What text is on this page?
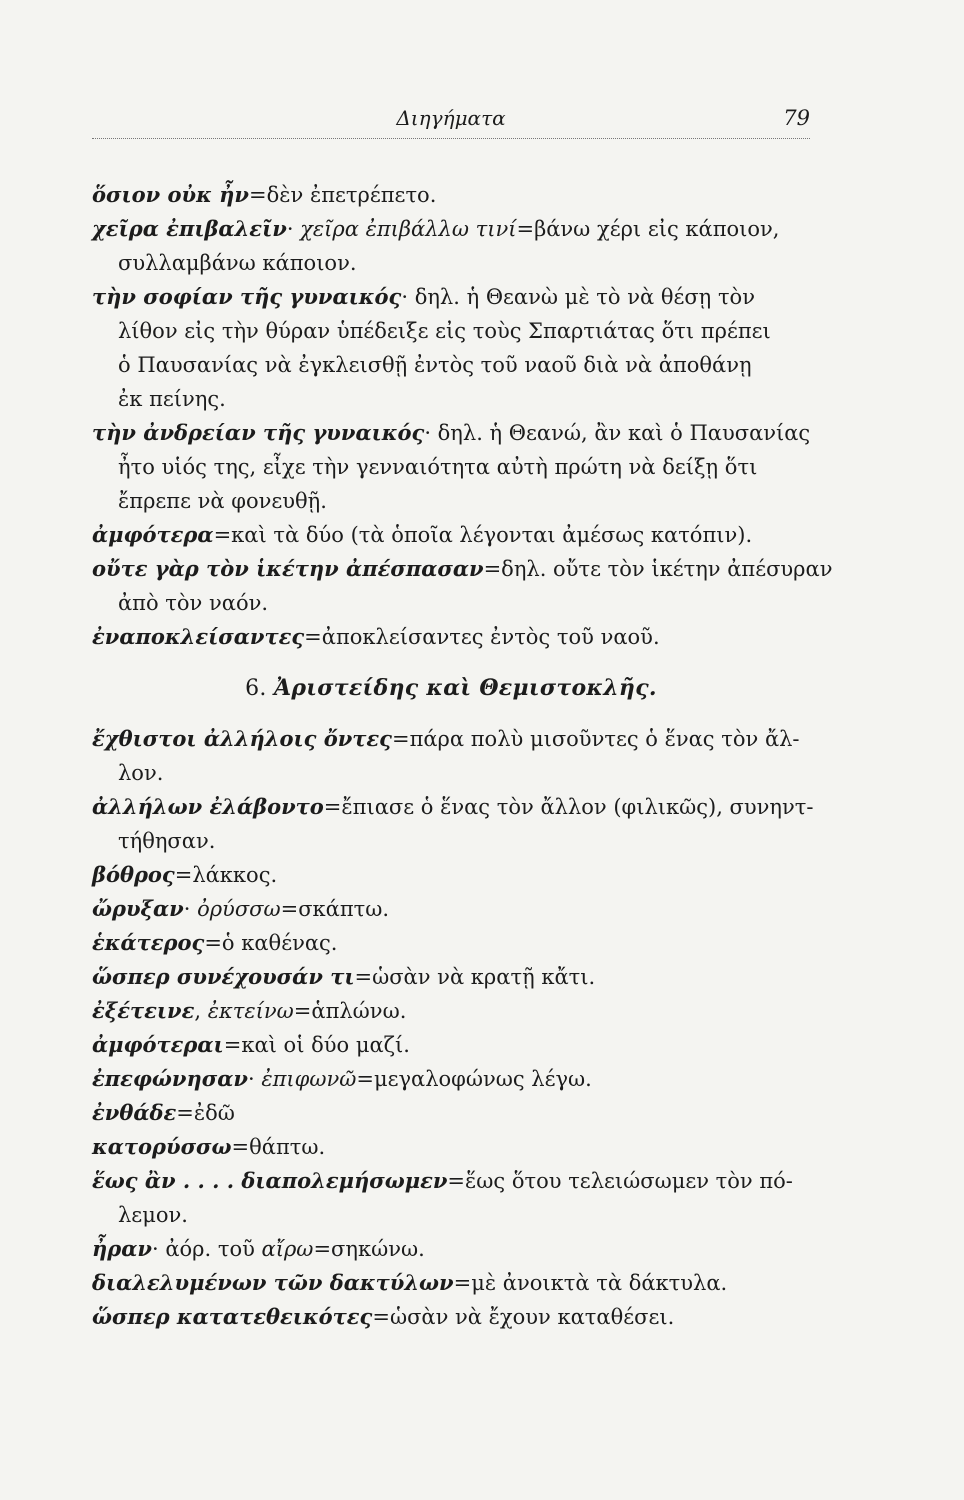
Διηγήματα	79
ὅσιον οὐκ ἦν=δὲν ἐπετρέπετο.
χεῖρα ἐπιβαλεῖν· χεῖρα ἐπιβάλλω τινί=βάνω χέρι εἰς κάποιον,
συλλαμβάνω κάποιον.
τὴν σοφίαν τῆς γυναικός· δηλ. ἡ Θεανὼ μὲ τὸ νὰ θέσῃ τὸν
λίθον εἰς τὴν θύραν ὑπέδειξε εἰς τοὺς Σπαρτιάτας ὅτι πρέπει
ὁ Παυσανίας νὰ ἐγκλεισθῇ ἐντὸς τοῦ ναοῦ διὰ νὰ ἀποθάνῃ
ἐκ πείνης.
τὴν ἀνδρείαν τῆς γυναικός· δηλ. ἡ Θεανώ, ἂν καὶ ὁ Παυσανίας
ἦτο υἱός της, εἶχε τὴν γενναιότητα αὐτὴ πρώτη νὰ δείξῃ ὅτι
ἔπρεπε νὰ φονευθῇ.
ἀμφότερα=καὶ τὰ δύο (τὰ ὁποῖα λέγονται ἀμέσως κατόπιν).
οὔτε γὰρ τὸν ἱκέτην ἀπέσπασαν=δηλ. οὔτε τὸν ἱκέτην ἀπέσυραν
ἀπὸ τὸν ναόν.
ἐναποκλείσαντες=ἀποκλείσαντες ἐντὸς τοῦ ναοῦ.
6. Ἀριστείδης καὶ Θεμιστοκλῆς.
ἔχθιστοι ἀλλήλοις ὄντες=πάρα πολὺ μισοῦντες ὁ ἕνας τὸν ἄλ-
λον.
ἀλλήλων ἐλάβοντο=ἔπιασε ὁ ἕνας τὸν ἄλλον (φιλικῶς), συνηντ-
τήθησαν.
βόθρος=λάκκος.
ὤρυξαν· ὀρύσσω=σκάπτω.
ἑκάτερος=ὁ καθένας.
ὥσπερ συνέχουσάν τι=ὡσὰν νὰ κρατῇ κἄτι.
ἐξέτεινε, ἐκτείνω=ἁπλώνω.
ἀμφότεραι=καὶ οἱ δύο μαζί.
ἐπεφώνησαν· ἐπιφωνῶ=μεγαλοφώνως λέγω.
ἐνθάδε=ἐδῶ
κατορύσσω=θάπτω.
ἕως ἂν . . . . διαπολεμήσωμεν=ἕως ὅτου τελειώσωμεν τὸν πό-
λεμον.
ἦραν· ἀόρ. τοῦ αἴρω=σηκώνω.
διαλελυμένων τῶν δακτύλων=μὲ ἀνοικτὰ τὰ δάκτυλα.
ὥσπερ κατατεθεικότες=ὡσὰν νὰ ἔχουν καταθέσει.
